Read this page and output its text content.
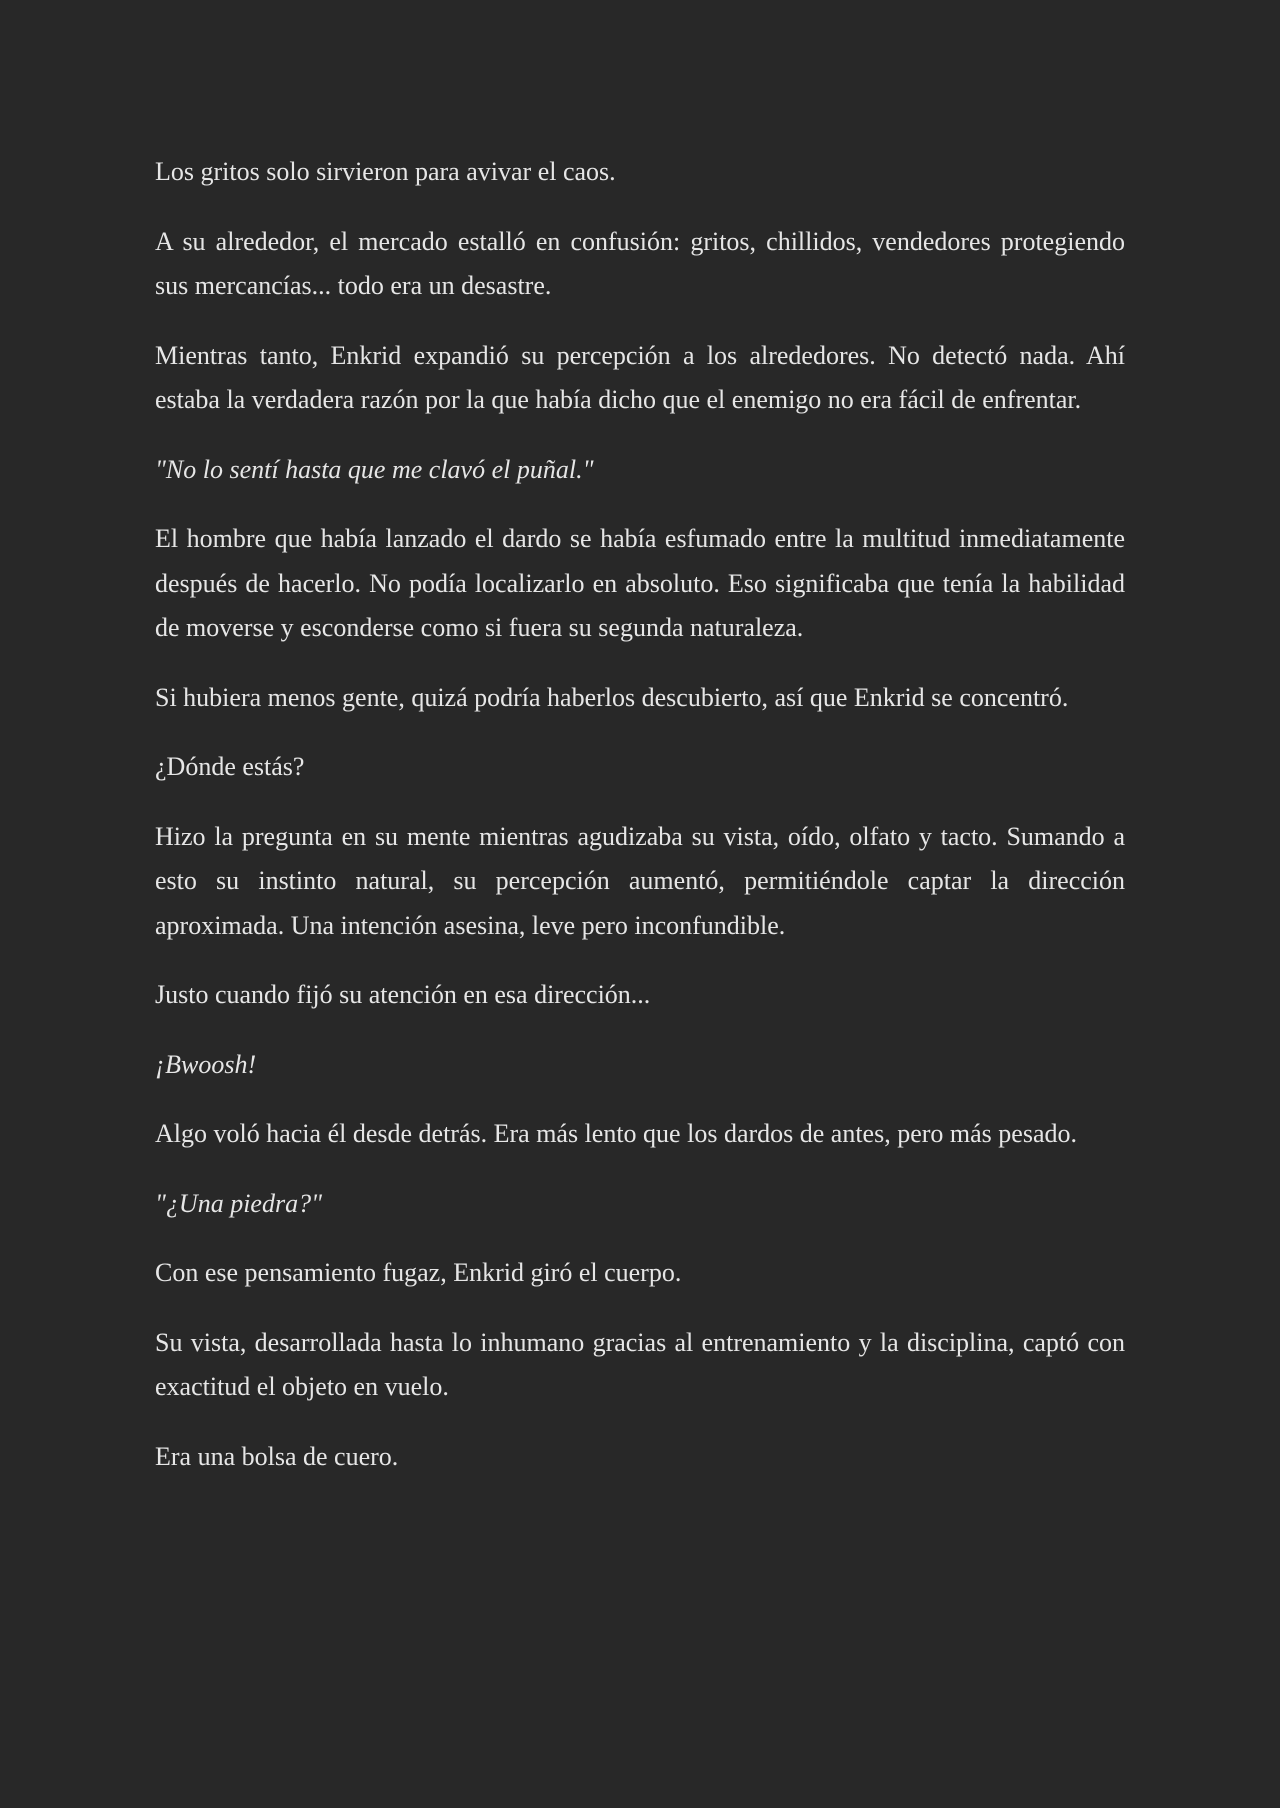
Los gritos solo sirvieron para avivar el caos.

A su alrededor, el mercado estalló en confusión: gritos, chillidos, vendedores protegiendo sus mercancías... todo era un desastre.

Mientras tanto, Enkrid expandió su percepción a los alrededores. No detectó nada. Ahí estaba la verdadera razón por la que había dicho que el enemigo no era fácil de enfrentar.

"No lo sentí hasta que me clavó el puñal."

El hombre que había lanzado el dardo se había esfumado entre la multitud inmediatamente después de hacerlo. No podía localizarlo en absoluto. Eso significaba que tenía la habilidad de moverse y esconderse como si fuera su segunda naturaleza.

Si hubiera menos gente, quizá podría haberlos descubierto, así que Enkrid se concentró.

¿Dónde estás?

Hizo la pregunta en su mente mientras agudizaba su vista, oído, olfato y tacto. Sumando a esto su instinto natural, su percepción aumentó, permitiéndole captar la dirección aproximada. Una intención asesina, leve pero inconfundible.

Justo cuando fijó su atención en esa dirección...

¡Bwoosh!

Algo voló hacia él desde detrás. Era más lento que los dardos de antes, pero más pesado.

"¿Una piedra?"

Con ese pensamiento fugaz, Enkrid giró el cuerpo.

Su vista, desarrollada hasta lo inhumano gracias al entrenamiento y la disciplina, captó con exactitud el objeto en vuelo.

Era una bolsa de cuero.
